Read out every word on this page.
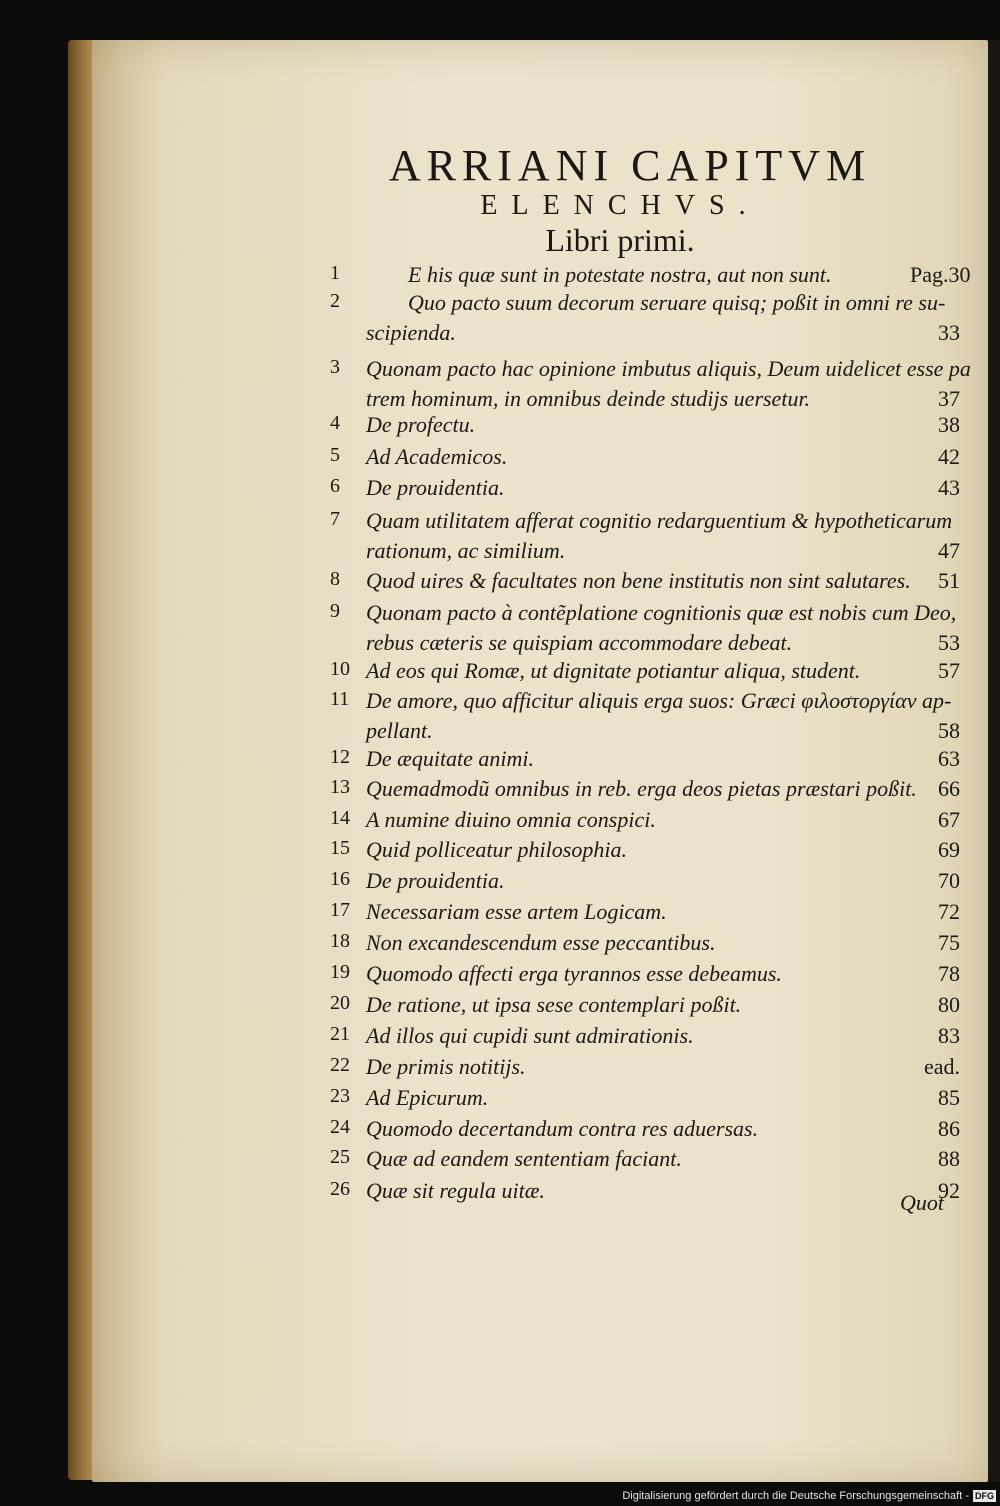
ARRIANI CAPITVM
ELENCHVS.
Libri primi.
1	E his quæ sunt in potestate nostra, aut non sunt.	Pag.30
2	Quo pacto suum decorum seruare quisq; poßit in omni re su-
scipienda.	33
3	Quonam pacto hac opinione imbutus aliquis, Deum uidelicet esse pa
trem hominum, in omnibus deinde studijs uersetur.	37
4	De profectu.	38
5	Ad Academicos.	42
6	De prouidentia.	43
7	Quam utilitatem afferat cognitio redarguentium & hypotheticarum
rationum, ac similium.	47
8	Quod uires & facultates non bene institutis non sint salutares.	51
9	Quonam pacto à contẽplatione cognitionis quæ est nobis cum Deo,
rebus cæteris se quispiam accommodare debeat.	53
10 Ad eos qui Romæ, ut dignitate potiantur aliqua, student.	57
11 De amore, quo afficitur aliquis erga suos: Græci φιλοστοργίαν ap-
pellant.	58
12 De æquitate animi.	63
13 Quemadmodũ omnibus in reb. erga deos pietas præstari poßit. 66
14 A numine diuino omnia conspici.	67
15 Quid polliceatur philosophia.	69
16 De prouidentia.	70
17 Necessariam esse artem Logicam.	72
18 Non excandescendum esse peccantibus.	75
19 Quomodo affecti erga tyrannos esse debeamus.	78
20 De ratione, ut ipsa sese contemplari poßit.	80
21 Ad illos qui cupidi sunt admirationis.	83
22 De primis notitijs.	ead.
23 Ad Epicurum.	85
24 Quomodo decertandum contra res aduersas.	86
25 Quæ ad eandem sententiam faciant.	88
26 Quæ sit regula uitæ.	92
Quot
Digitalisierung gefördert durch die Deutsche Forschungsgemeinschaft - DFG
